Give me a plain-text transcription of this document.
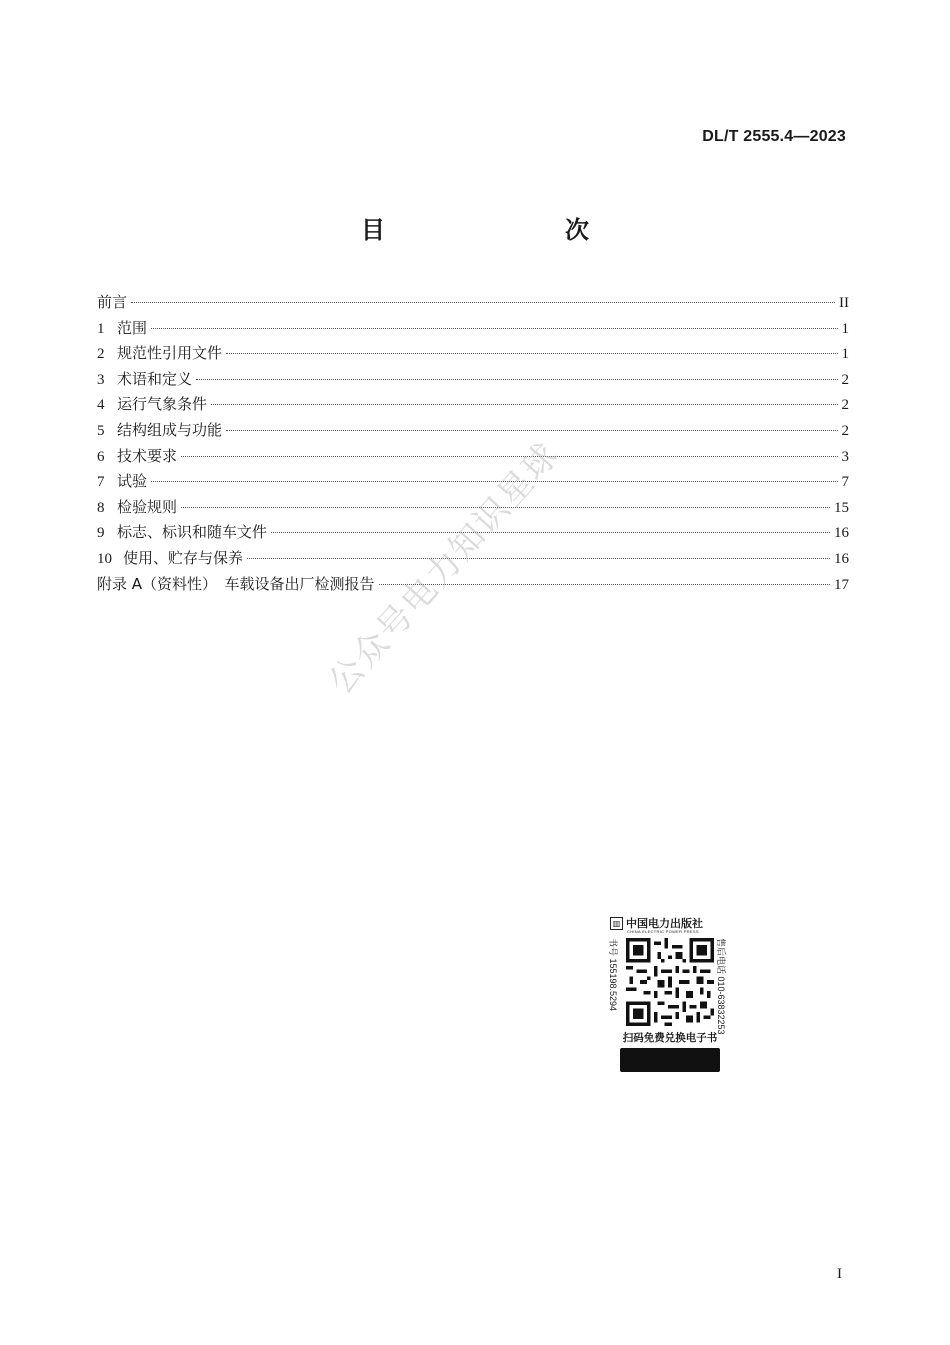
DL/T 2555.4—2023
目　　次
前言	II
1 范围	1
2 规范性引用文件	1
3 术语和定义	2
4 运行气象条件	2
5 结构组成与功能	2
6 技术要求	3
7 试验	7
8 检验规则	15
9 标志、标识和随车文件	16
10 使用、贮存与保养	16
附录 A（资料性）　车载设备出厂检测报告	17
公众号电力知识星球
▥ 中国电力出版社
CHINA ELECTRIC POWER PRESS
书号 155198.5294	售后电话 010-63832253
扫码免费兑换电子书
I
